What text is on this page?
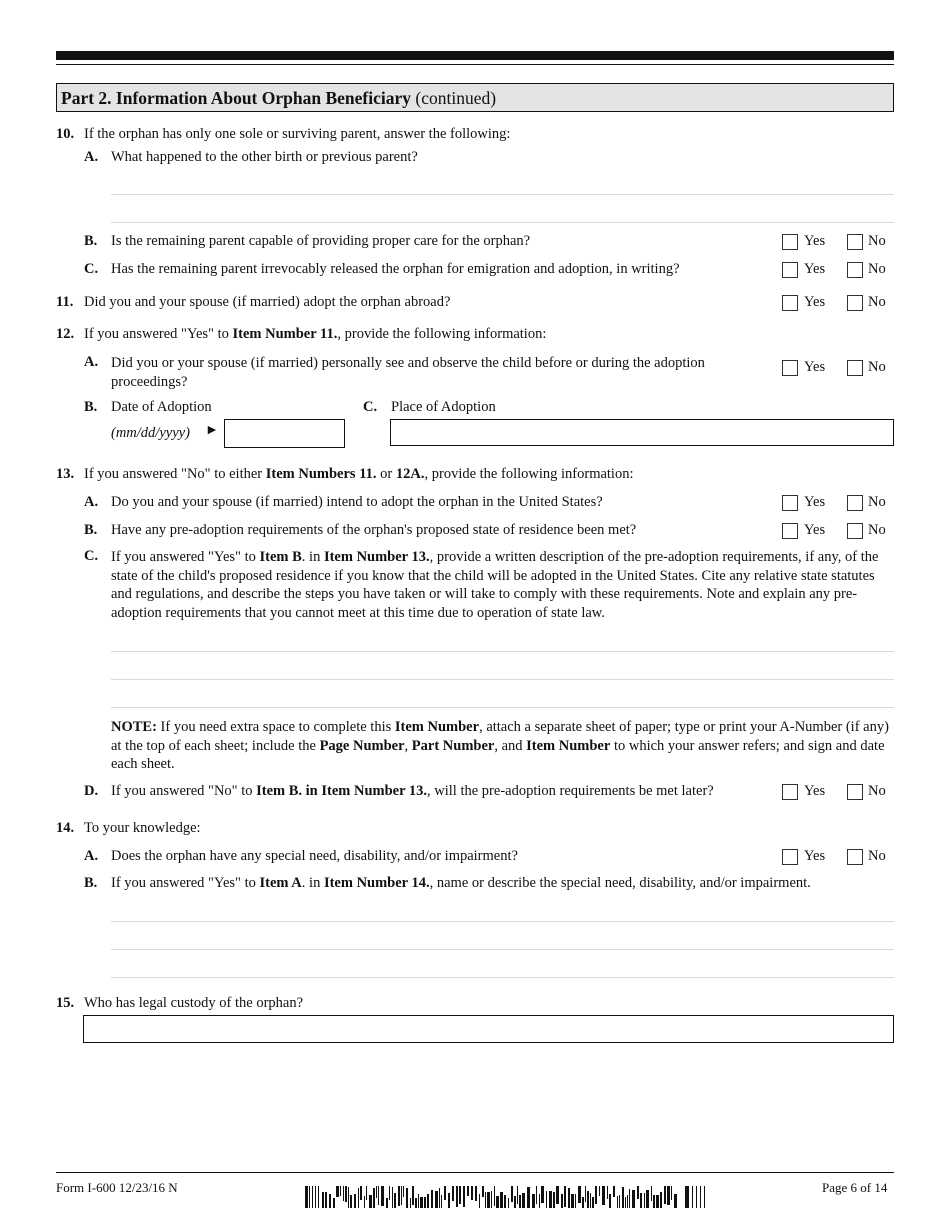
Part 2. Information About Orphan Beneficiary (continued)
10. If the orphan has only one sole or surviving parent, answer the following:
A. What happened to the other birth or previous parent?
B. Is the remaining parent capable of providing proper care for the orphan?	Yes	No
C. Has the remaining parent irrevocably released the orphan for emigration and adoption, in writing?	Yes	No
11. Did you and your spouse (if married) adopt the orphan abroad?	Yes	No
12. If you answered "Yes" to Item Number 11., provide the following information:
A. Did you or your spouse (if married) personally see and observe the child before or during the adoption proceedings?
Yes	No
B. Date of Adoption
(mm/dd/yyyy) ►
C. Place of Adoption
13. If you answered "No" to either Item Numbers 11. or 12A., provide the following information:
A. Do you and your spouse (if married) intend to adopt the orphan in the United States?	Yes	No
B. Have any pre-adoption requirements of the orphan's proposed state of residence been met?	Yes	No
C. If you answered "Yes" to Item B. in Item Number 13., provide a written description of the pre-adoption requirements, if any, of the state of the child's proposed residence if you know that the child will be adopted in the United States. Cite any relative state statutes and regulations, and describe the steps you have taken or will take to comply with these requirements. Note and explain any pre-adoption requirements that you cannot meet at this time due to operation of state law.
NOTE: If you need extra space to complete this Item Number, attach a separate sheet of paper; type or print your A-Number (if any) at the top of each sheet; include the Page Number, Part Number, and Item Number to which your answer refers; and sign and date each sheet.
D. If you answered "No" to Item B. in Item Number 13., will the pre-adoption requirements be met later?	Yes	No
14. To your knowledge:
A. Does the orphan have any special need, disability, and/or impairment?	Yes	No
B. If you answered "Yes" to Item A. in Item Number 14., name or describe the special need, disability, and/or impairment.
15. Who has legal custody of the orphan?
Form I-600 12/23/16 N	Page 6 of 14
